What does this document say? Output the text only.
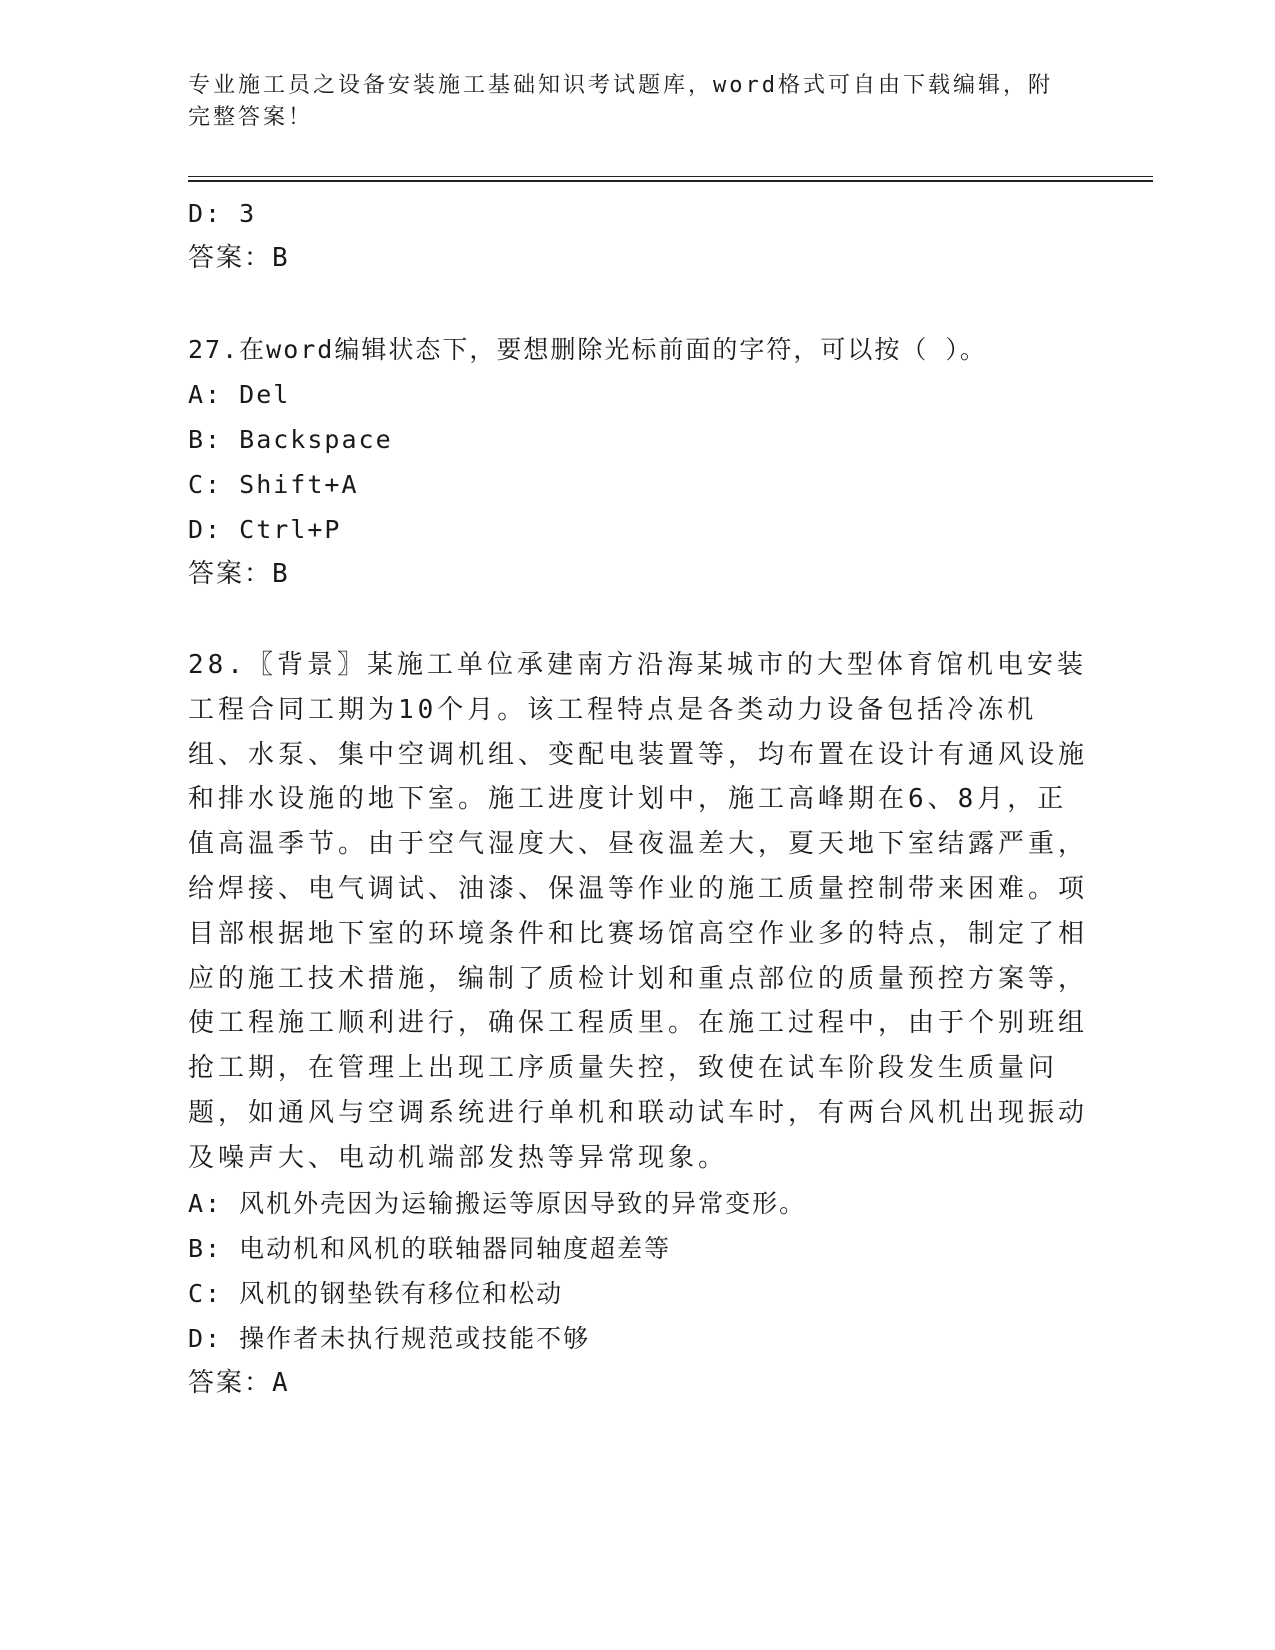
专业施工员之设备安装施工基础知识考试题库，word格式可自由下载编辑，附完整答案！

D: 3
答案：B

27.在word编辑状态下，要想删除光标前面的字符，可以按（ ）。

A: Del
B: Backspace
C: Shift+A
D: Ctrl+P
答案：B

28.〖背景〗某施工单位承建南方沿海某城市的大型体育馆机电安装工程合同工期为10个月。该工程特点是各类动力设备包括冷冻机组、水泵、集中空调机组、变配电装置等，均布置在设计有通风设施和排水设施的地下室。施工进度计划中，施工高峰期在6、8月，正值高温季节。由于空气湿度大、昼夜温差大，夏天地下室结露严重，给焊接、电气调试、油漆、保温等作业的施工质量控制带来困难。项目部根据地下室的环境条件和比赛场馆高空作业多的特点，制定了相应的施工技术措施，编制了质检计划和重点部位的质量预控方案等，使工程施工顺利进行，确保工程质里。在施工过程中，由于个别班组抢工期，在管理上出现工序质量失控，致使在试车阶段发生质量问题，如通风与空调系统进行单机和联动试车时，有两台风机出现振动及噪声大、电动机端部发热等异常现象。

A: 风机外壳因为运输搬运等原因导致的异常变形。
B: 电动机和风机的联轴器同轴度超差等
C: 风机的钢垫铁有移位和松动
D: 操作者未执行规范或技能不够
答案：A
